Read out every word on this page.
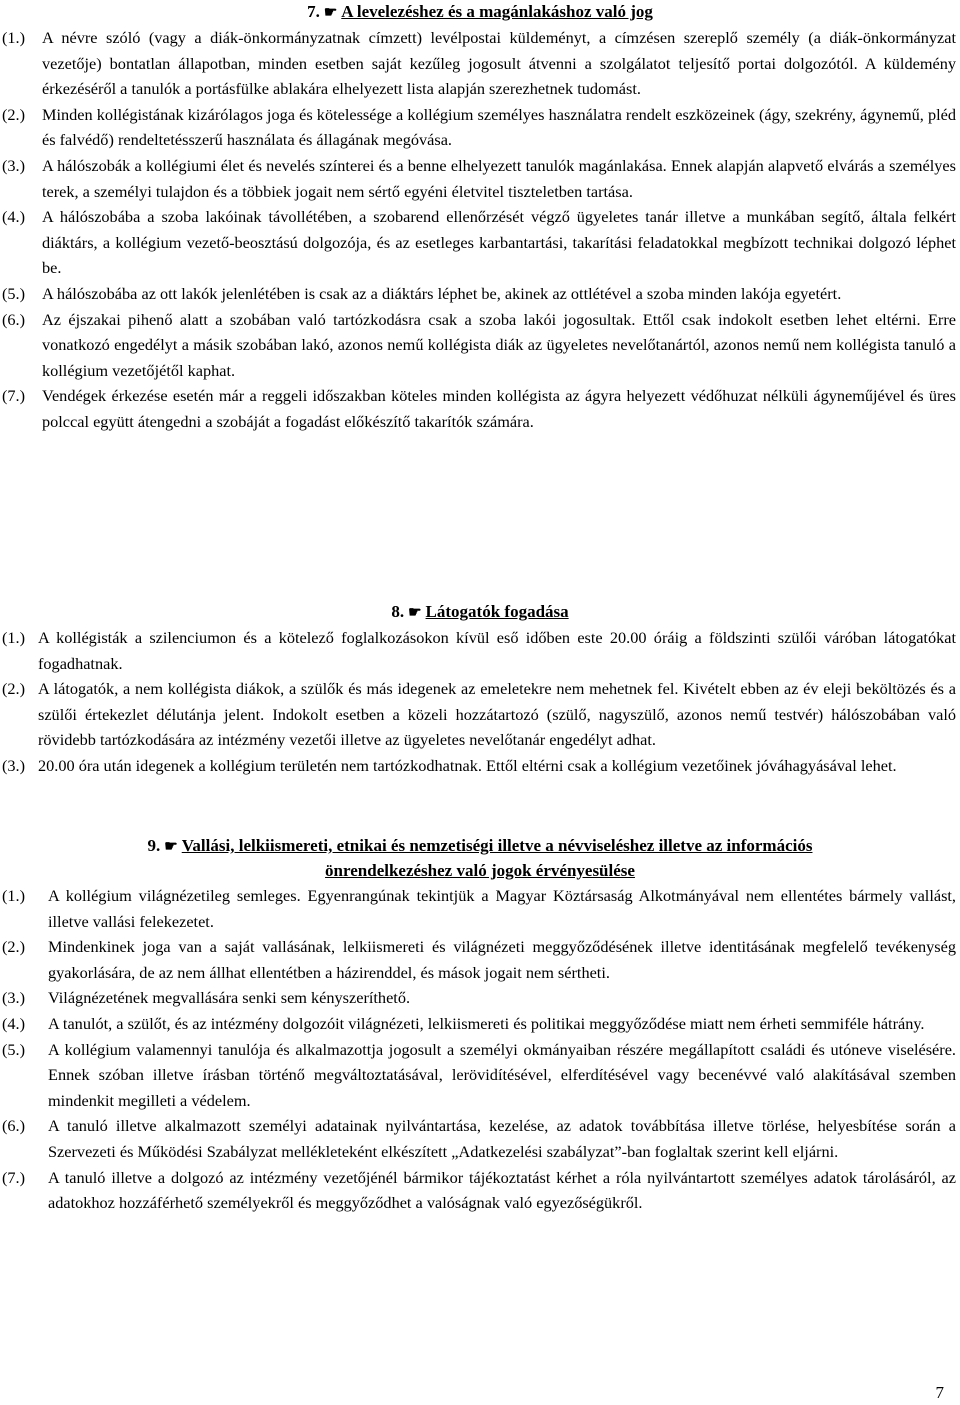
7. ☛ A levelezéshez és a magánlakáshoz való jog
(1.)	A névre szóló (vagy a diák-önkormányzatnak címzett) levélpostai küldeményt, a címzésen szereplő személy (a diák-önkormányzat vezetője) bontatlan állapotban, minden esetben saját kezűleg jogosult átvenni a szolgálatot teljesítő portai dolgozótól. A küldemény érkezéséről a tanulók a portásfülke ablakára elhelyezett lista alapján szerezhetnek tudomást.
(2.)	Minden kollégistának kizárólagos joga és kötelessége a kollégium személyes használatra rendelt eszközeinek (ágy, szekrény, ágynemű, pléd és falvédő) rendeltetésszerű használata és állagának megóvása.
(3.)	A hálószobák a kollégiumi élet és nevelés színterei és a benne elhelyezett tanulók magánlakása. Ennek alapján alapvető elvárás a személyes terek, a személyi tulajdon és a többiek jogait nem sértő egyéni életvitel tiszteletben tartása.
(4.)	A hálószobába a szoba lakóinak távollétében, a szobarend ellenőrzését végző ügyeletes tanár illetve a munkában segítő, általa felkért diáktárs, a kollégium vezető-beosztású dolgozója, és az esetleges karbantartási, takarítási feladatokkal megbízott technikai dolgozó léphet be.
(5.)	A hálószobába az ott lakók jelenlétében is csak az a diáktárs léphet be, akinek az ottlétével a szoba minden lakója egyetért.
(6.)	Az éjszakai pihenő alatt a szobában való tartózkodásra csak a szoba lakói jogosultak. Ettől csak indokolt esetben lehet eltérni. Erre vonatkozó engedélyt a másik szobában lakó, azonos nemű kollégista diák az ügyeletes nevelőtanártól, azonos nemű nem kollégista tanuló a kollégium vezetőjétől kaphat.
(7.)	Vendégek érkezése esetén már a reggeli időszakban köteles minden kollégista az ágyra helyezett védőhuzat nélküli ágyneműjével és üres polccal együtt átengedni a szobáját a fogadást előkészítő takarítók számára.
8. ☛ Látogatók fogadása
(1.) A kollégisták a szilenciumon és a kötelező foglalkozásokon kívül eső időben este 20.00 óráig a földszinti szülői váróban látogatókat fogadhatnak.
(2.) A látogatók, a nem kollégista diákok, a szülők és más idegenek az emeletekre nem mehetnek fel. Kivételt ebben az év eleji beköltözés és a szülői értekezlet délutánja jelent. Indokolt esetben a közeli hozzátartozó (szülő, nagyszülő, azonos nemű testvér) hálószobában való rövidebb tartózkodására az intézmény vezetői illetve az ügyeletes nevelőtanár engedélyt adhat.
(3.) 20.00 óra után idegenek a kollégium területén nem tartózkodhatnak. Ettől eltérni csak a kollégium vezetőinek jóváhagyásával lehet.
9. ☛ Vallási, lelkiismereti, etnikai és nemzetiségi illetve a névviseléshez illetve az információs
önrendelkezéshez való jogok érvényesülése
(1.)	A kollégium világnézetileg semleges. Egyenrangúnak tekintjük a Magyar Köztársaság Alkotmányával nem ellentétes bármely vallást, illetve vallási felekezetet.
(2.)	Mindenkinek joga van a saját vallásának, lelkiismereti és világnézeti meggyőződésének illetve identitásának megfelelő tevékenység gyakorlására, de az nem állhat ellentétben a házirenddel, és mások jogait nem sértheti.
(3.)	Világnézetének megvallására senki sem kényszeríthető.
(4.)	A tanulót, a szülőt, és az intézmény dolgozóit világnézeti, lelkiismereti és politikai meggyőződése miatt nem érheti semmiféle hátrány.
(5.)	A kollégium valamennyi tanulója és alkalmazottja jogosult a személyi okmányaiban részére megállapított családi és utóneve viselésére. Ennek szóban illetve írásban történő megváltoztatásával, lerövidítésével, elferdítésével vagy becenévvé való alakításával szemben mindenkit megilleti a védelem.
(6.)	A tanuló illetve alkalmazott személyi adatainak nyilvántartása, kezelése, az adatok továbbítása illetve törlése, helyesbítése során a Szervezeti és Működési Szabályzat mellékleteként elkészített „Adatkezelési szabályzat”-ban foglaltak szerint kell eljárni.
(7.)	A tanuló illetve a dolgozó az intézmény vezetőjénél bármikor tájékoztatást kérhet a róla nyilvántartott személyes adatok tárolásáról, az adatokhoz hozzáférhető személyekről és meggyőződhet a valóságnak való egyezőségükről.
7
